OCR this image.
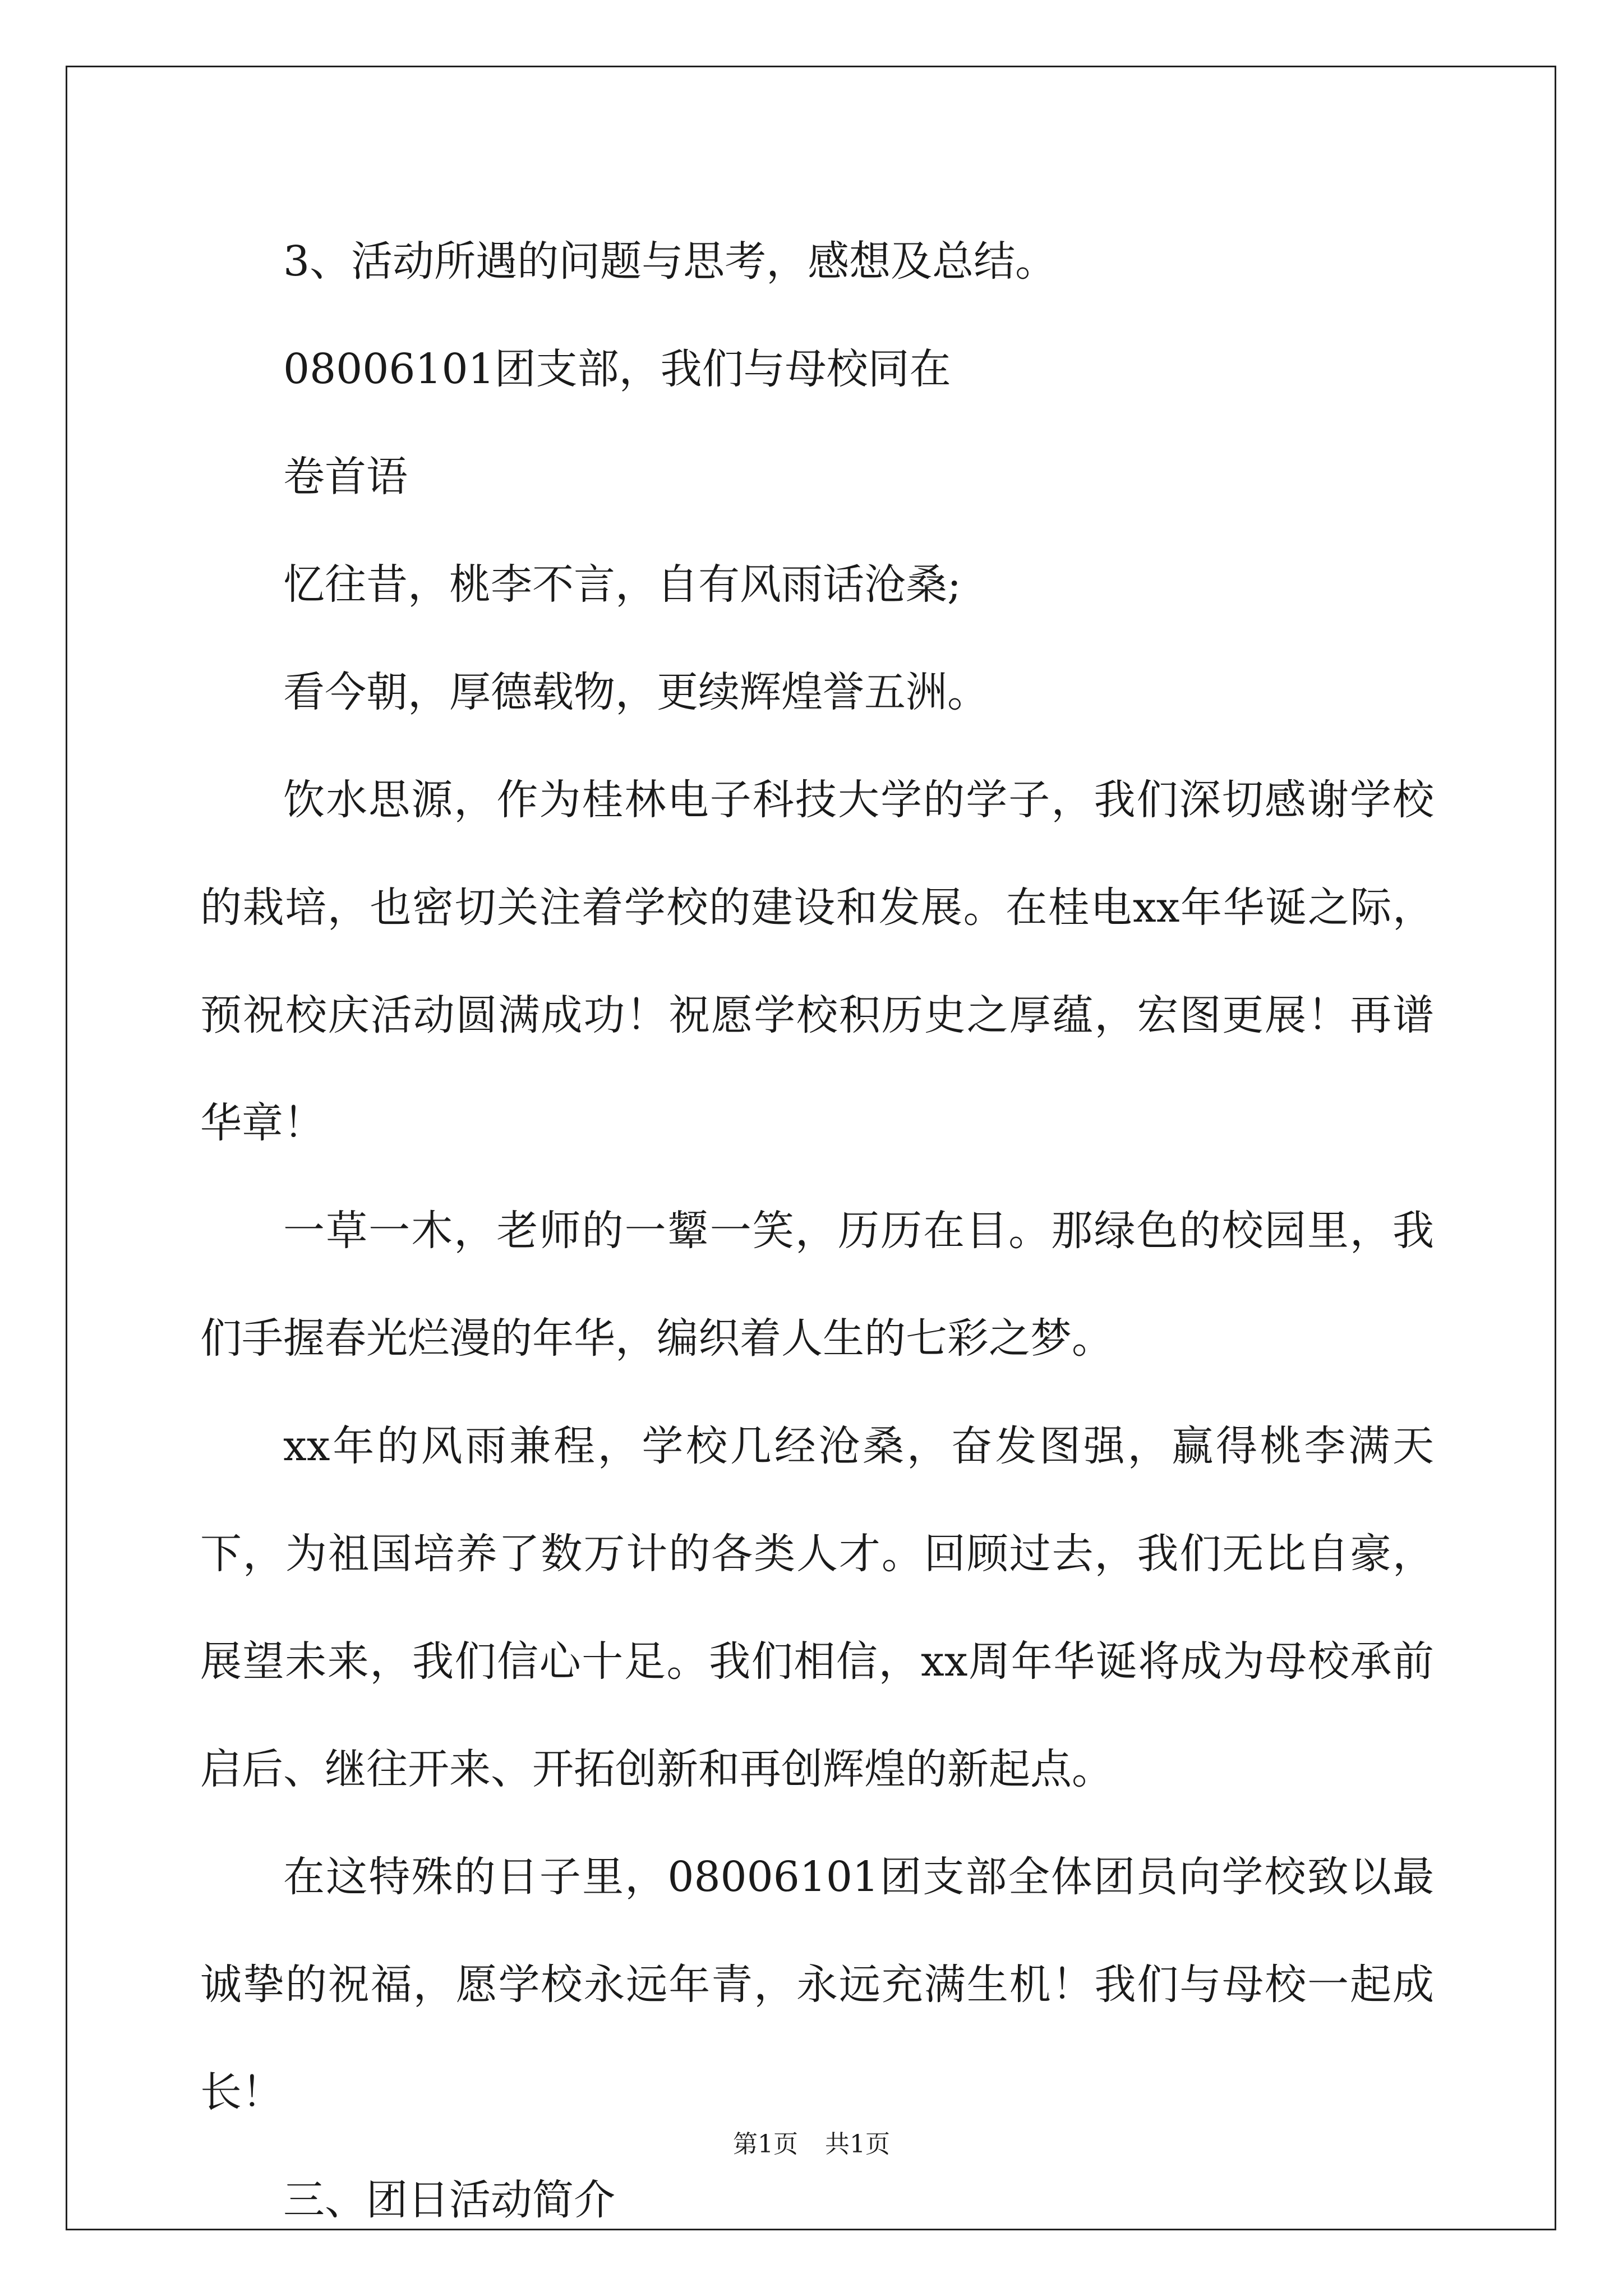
3、活动所遇的问题与思考，感想及总结。

08006101团支部，我们与母校同在

卷首语

忆往昔，桃李不言，自有风雨话沧桑;

看今朝，厚德载物，更续辉煌誉五洲。

饮水思源，作为桂林电子科技大学的学子，我们深切感谢学校的栽培，也密切关注着学校的建设和发展。在桂电xx年华诞之际，预祝校庆活动圆满成功！祝愿学校积历史之厚蕴，宏图更展！再谱华章！

一草一木，老师的一颦一笑，历历在目。那绿色的校园里，我们手握春光烂漫的年华，编织着人生的七彩之梦。

xx年的风雨兼程，学校几经沧桑，奋发图强，赢得桃李满天下，为祖国培养了数万计的各类人才。回顾过去，我们无比自豪，展望未来，我们信心十足。我们相信，xx周年华诞将成为母校承前启后、继往开来、开拓创新和再创辉煌的新起点。

在这特殊的日子里，08006101团支部全体团员向学校致以最诚挚的祝福，愿学校永远年青，永远充满生机！我们与母校一起成长！

三、团日活动简介

第1页 共1页
